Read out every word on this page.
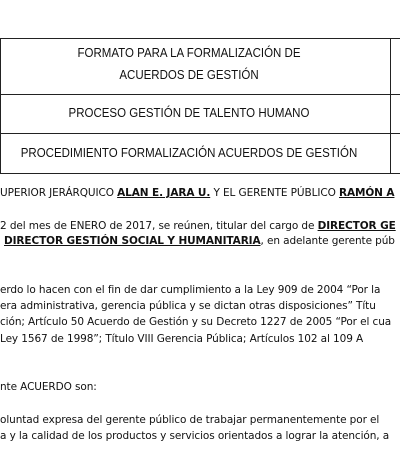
FORMATO PARA LA FORMALIZACIÓN DE
ACUERDOS DE GESTIÓN
PROCESO GESTIÓN DE TALENTO HUMANO
PROCEDIMIENTO FORMALIZACIÓN ACUERDOS DE GESTIÓN
UPERIOR JERÁRQUICO ALAN E. JARA U. Y EL GERENTE PÚBLICO RAMÓN A
2 del mes de ENERO de 2017, se reúnen, titular del cargo de DIRECTOR GE
DIRECTOR GESTIÓN SOCIAL Y HUMANITARIA, en adelante gerente púb
erdo lo hacen con el fin de dar cumplimiento a la Ley 909 de 2004 “Por la
era administrativa, gerencia pública y se dictan otras disposiciones” Títu
ción; Artículo 50 Acuerdo de Gestión y su Decreto 1227 de 2005 “Por el cua
Ley 1567 de 1998”; Título VIII Gerencia Pública; Artículos 102 al 109 A
nte ACUERDO son:
oluntad expresa del gerente público de trabajar permanentemente por el
a y la calidad de los productos y servicios orientados a lograr la atención, a
